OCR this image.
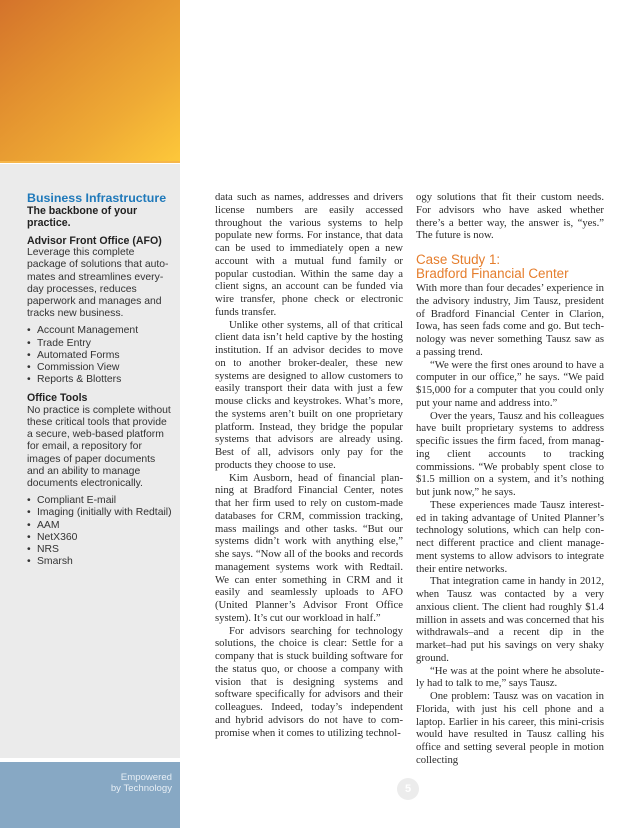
Business Infrastructure
The backbone of your practice.
Advisor Front Office (AFO)
Leverage this complete package of solutions that auto-mates and streamlines every-day processes, reduces paperwork and manages and tracks new business.
• Account Management
• Trade Entry
• Automated Forms
• Commission View
• Reports & Blotters
Office Tools
No practice is complete without these critical tools that provide a secure, web-based platform for email, a repository for images of paper documents and an ability to manage documents electronically.
• Compliant E-mail
• Imaging (initially with Redtail)
• AAM
• NetX360
• NRS
• Smarsh
Empowered
by Technology	5

data such as names, addresses and drivers license numbers are easily accessed throughout the various systems to help populate new forms. For instance, that data can be used to immediately open a new account with a mutual fund family or popular custodian. Within the same day a client signs, an account can be funded via wire transfer, phone check or electronic funds transfer.

Unlike other systems, all of that critical client data isn’t held captive by the hosting institution. If an advisor decides to move on to another broker-dealer, these new systems are designed to allow customers to easily transport their data with just a few mouse clicks and keystrokes. What’s more, the systems aren’t built on one proprietary platform. Instead, they bridge the popular systems that advisors are already using. Best of all, advisors only pay for the products they choose to use.

Kim Ausborn, head of financial planning at Bradford Financial Center, notes that her firm used to rely on custom-made databases for CRM, commission tracking, mass mailings and other tasks. “But our systems didn’t work with anything else,” she says. “Now all of the books and records management systems work with Redtail. We can enter something in CRM and it easily and seamlessly uploads to AFO (United Planner’s Advisor Front Office system). It’s cut our workload in half.”

For advisors searching for technology solutions, the choice is clear: Settle for a company that is stuck building software for the status quo, or choose a company with vision that is designing systems and software specifically for advisors and their colleagues. Indeed, today’s independent and hybrid advisors do not have to compromise when it comes to utilizing technol-

ogy solutions that fit their custom needs. For advisors who have asked whether there’s a better way, the answer is, “yes.” The future is now.

Case Study 1:
Bradford Financial Center

With more than four decades’ experience in the advisory industry, Jim Tausz, president of Bradford Financial Center in Clarion, Iowa, has seen fads come and go. But technology was never something Tausz saw as a passing trend.

“We were the first ones around to have a computer in our office,” he says. “We paid $15,000 for a computer that you could only put your name and address into.”

Over the years, Tausz and his colleagues have built proprietary systems to address specific issues the firm faced, from managing client accounts to tracking commissions. “We probably spent close to $1.5 million on a system, and it’s nothing but junk now,” he says.

These experiences made Tausz interested in taking advantage of United Planner’s technology solutions, which can help connect different practice and client management systems to allow advisors to integrate their entire networks.

That integration came in handy in 2012, when Tausz was contacted by a very anxious client. The client had roughly $1.4 million in assets and was concerned that his withdrawals–and a recent dip in the market–had put his savings on very shaky ground.

“He was at the point where he absolutely had to talk to me,” says Tausz.

One problem: Tausz was on vacation in Florida, with just his cell phone and a laptop. Earlier in his career, this mini-crisis would have resulted in Tausz calling his office and setting several people in motion collecting
